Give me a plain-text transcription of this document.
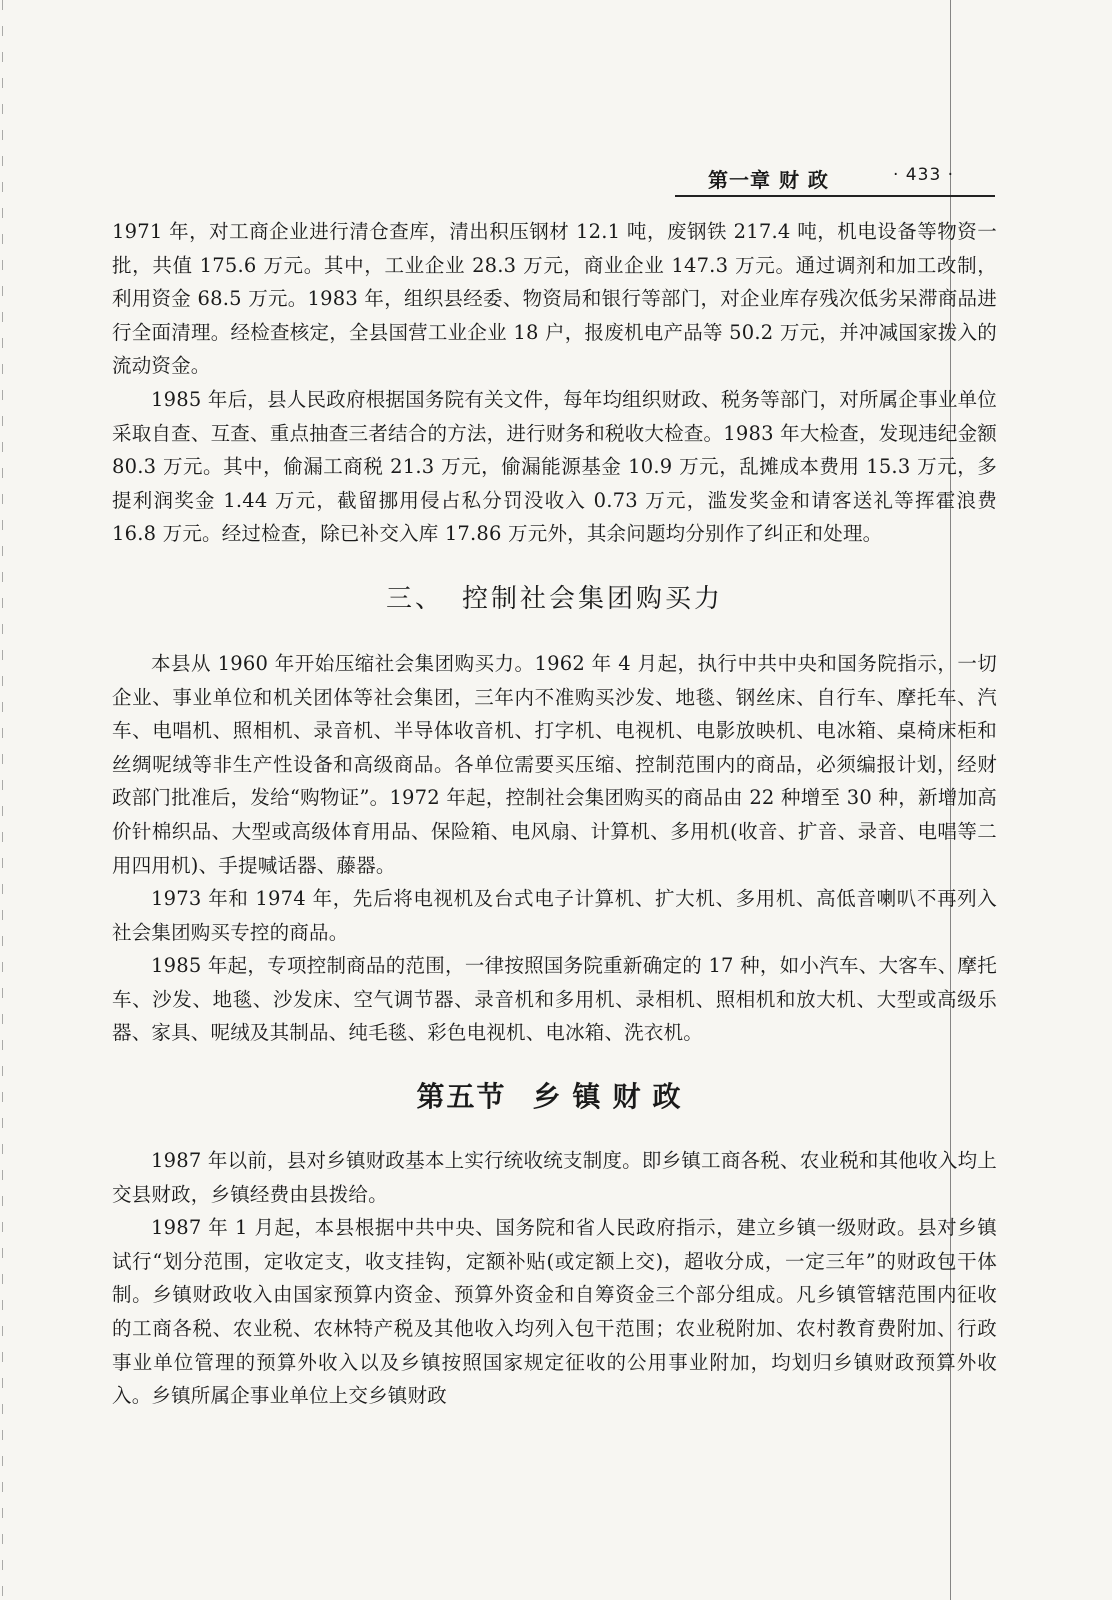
第一章 财 政	· 433 ·

1971 年，对工商企业进行清仓查库，清出积压钢材 12.1 吨，废钢铁 217.4 吨，机电设备等物资一批，共值 175.6 万元。其中，工业企业 28.3 万元，商业企业 147.3 万元。通过调剂和加工改制，利用资金 68.5 万元。1983 年，组织县经委、物资局和银行等部门，对企业库存残次低劣呆滞商品进行全面清理。经检查核定，全县国营工业企业 18 户，报废机电产品等 50.2 万元，并冲减国家拨入的流动资金。

1985 年后，县人民政府根据国务院有关文件，每年均组织财政、税务等部门，对所属企事业单位采取自查、互查、重点抽查三者结合的方法，进行财务和税收大检查。1983 年大检查，发现违纪金额 80.3 万元。其中，偷漏工商税 21.3 万元，偷漏能源基金 10.9 万元，乱摊成本费用 15.3 万元，多提利润奖金 1.44 万元，截留挪用侵占私分罚没收入 0.73 万元，滥发奖金和请客送礼等挥霍浪费 16.8 万元。经过检查，除已补交入库 17.86 万元外，其余问题均分别作了纠正和处理。

三、 控制社会集团购买力

本县从 1960 年开始压缩社会集团购买力。1962 年 4 月起，执行中共中央和国务院指示，一切企业、事业单位和机关团体等社会集团，三年内不准购买沙发、地毯、钢丝床、自行车、摩托车、汽车、电唱机、照相机、录音机、半导体收音机、打字机、电视机、电影放映机、电冰箱、桌椅床柜和丝绸呢绒等非生产性设备和高级商品。各单位需要买压缩、控制范围内的商品，必须编报计划，经财政部门批准后，发给“购物证”。1972 年起，控制社会集团购买的商品由 22 种增至 30 种，新增加高价针棉织品、大型或高级体育用品、保险箱、电风扇、计算机、多用机(收音、扩音、录音、电唱等二用四用机)、手提喊话器、藤器。

1973 年和 1974 年，先后将电视机及台式电子计算机、扩大机、多用机、高低音喇叭不再列入社会集团购买专控的商品。

1985 年起，专项控制商品的范围，一律按照国务院重新确定的 17 种，如小汽车、大客车、摩托车、沙发、地毯、沙发床、空气调节器、录音机和多用机、录相机、照相机和放大机、大型或高级乐器、家具、呢绒及其制品、纯毛毯、彩色电视机、电冰箱、洗衣机。

第五节 乡镇财政

1987 年以前，县对乡镇财政基本上实行统收统支制度。即乡镇工商各税、农业税和其他收入均上交县财政，乡镇经费由县拨给。

1987 年 1 月起，本县根据中共中央、国务院和省人民政府指示，建立乡镇一级财政。县对乡镇试行“划分范围，定收定支，收支挂钩，定额补贴(或定额上交)，超收分成，一定三年”的财政包干体制。乡镇财政收入由国家预算内资金、预算外资金和自筹资金三个部分组成。凡乡镇管辖范围内征收的工商各税、农业税、农林特产税及其他收入均列入包干范围；农业税附加、农村教育费附加、行政事业单位管理的预算外收入以及乡镇按照国家规定征收的公用事业附加，均划归乡镇财政预算外收入。乡镇所属企事业单位上交乡镇财政
